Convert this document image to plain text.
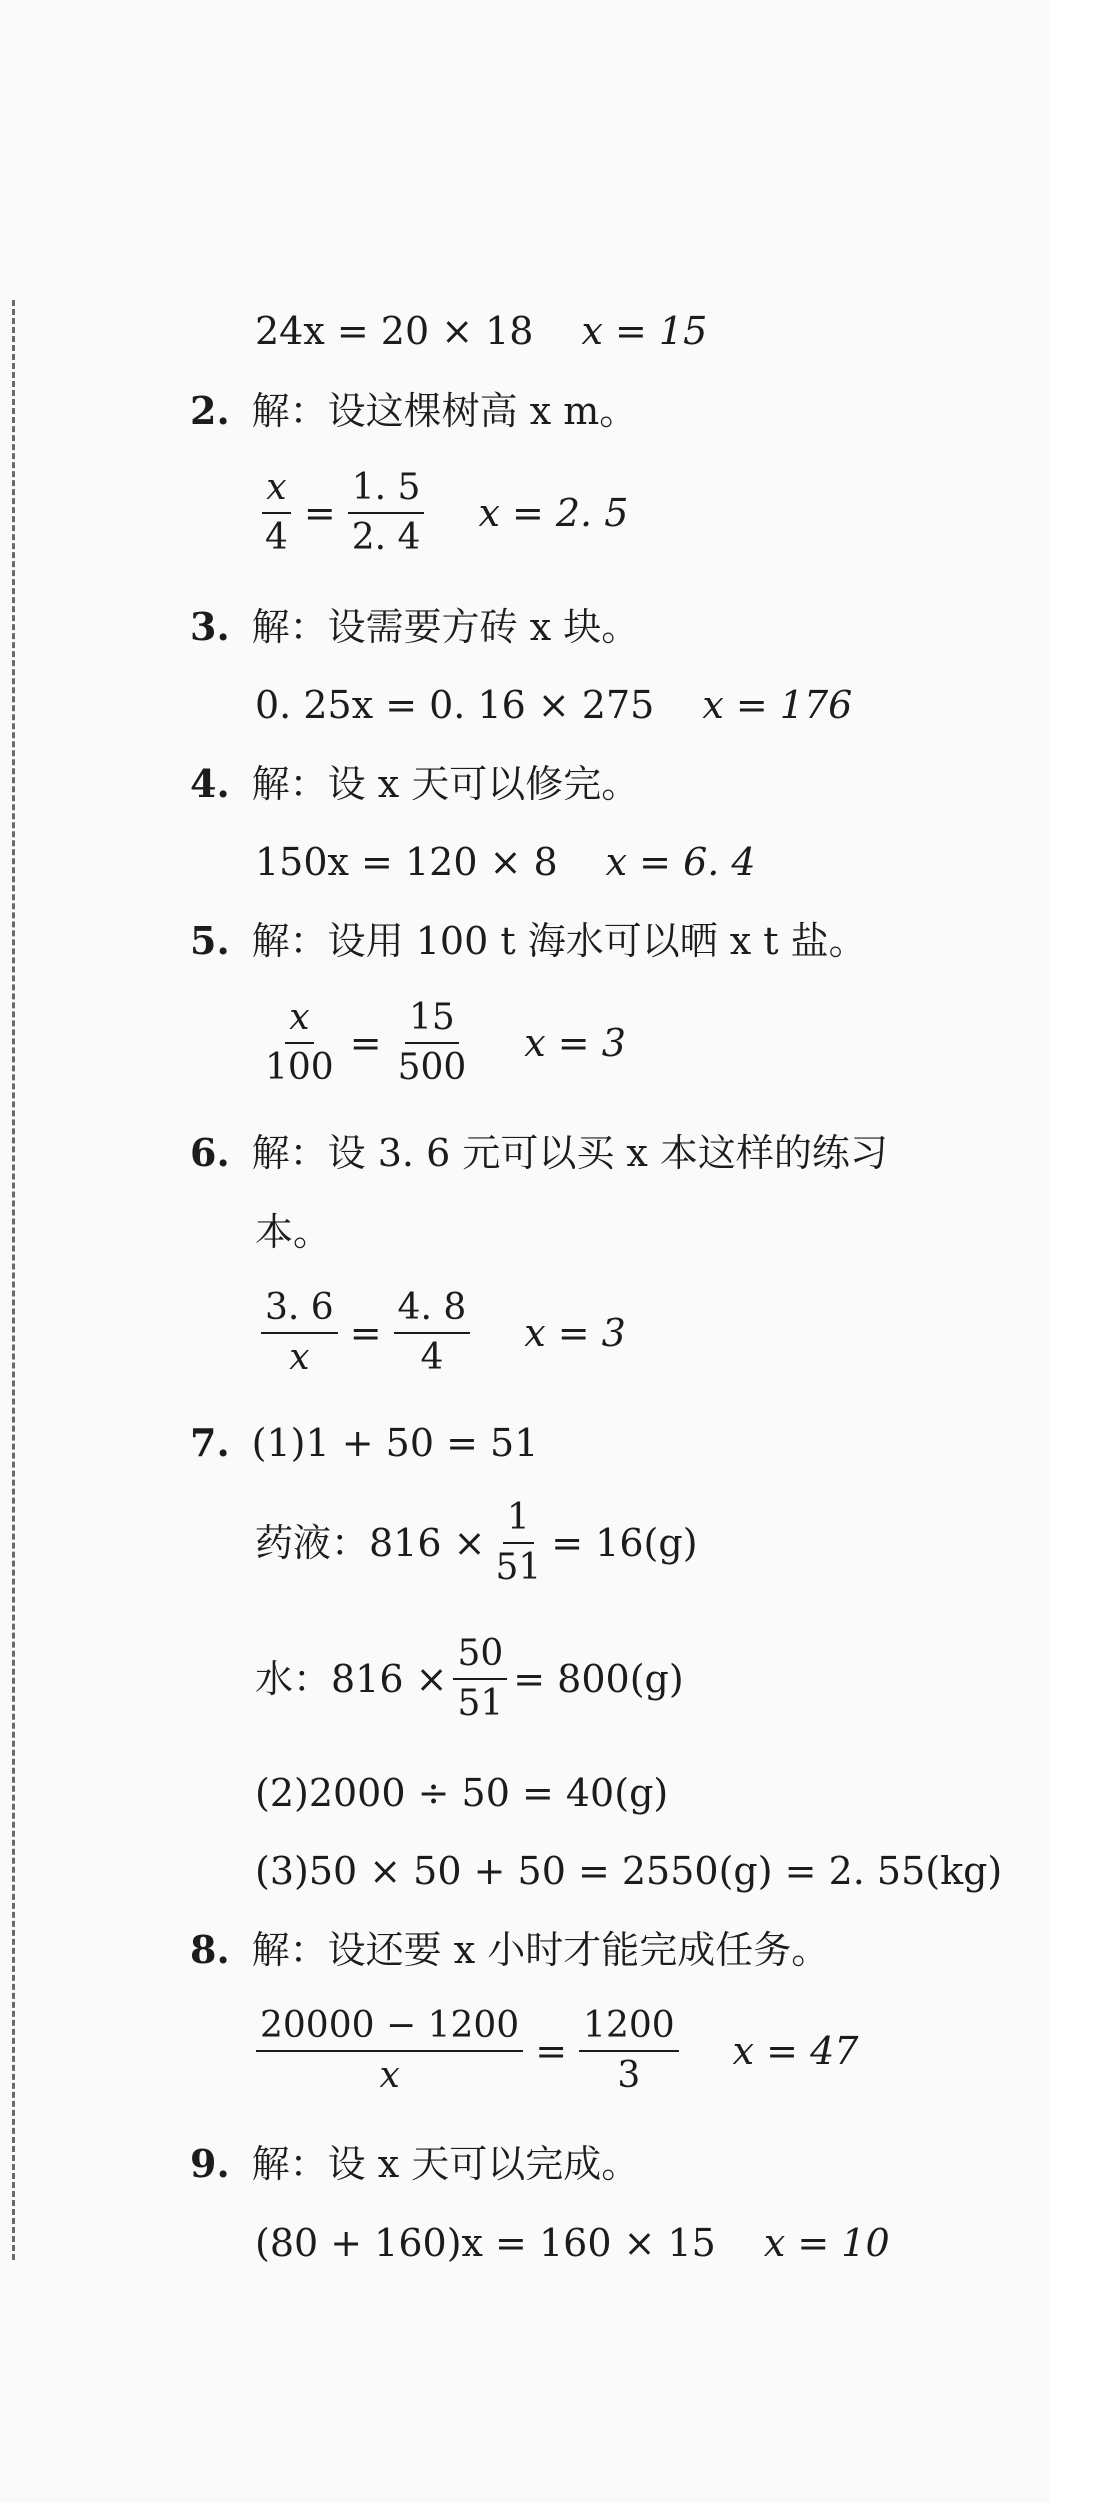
24x = 20 × 18 x = 15
2. 解：设这棵树高 x m。
$\frac{x}{4} = \frac{1. 5}{2. 4}$ x = 2. 5
3. 解：设需要方砖 x 块。
0. 25x = 0. 16 × 275 x = 176
4. 解：设 x 天可以修完。
150x = 120 × 8 x = 6. 4
5. 解：设用 100 t 海水可以晒 x t 盐。
$\frac{x}{100} = \frac{15}{500}$ x = 3
6. 解：设 3. 6 元可以买 x 本这样的练习
本。
$\frac{3. 6}{x} = \frac{4. 8}{4}$ x = 3
7. (1)1 + 50 = 51
药液：$816 \times \frac{1}{51} = 16(g)$
水：$816 \times \frac{50}{51} = 800(g)$
(2)2000 ÷ 50 = 40(g)
(3)50 × 50 + 50 = 2550(g) = 2. 55(kg)
8. 解：设还要 x 小时才能完成任务。
$\frac{20000 - 1200}{x} = \frac{1200}{3}$ x = 47
9. 解：设 x 天可以完成。
(80 + 160)x = 160 × 15 x = 10
